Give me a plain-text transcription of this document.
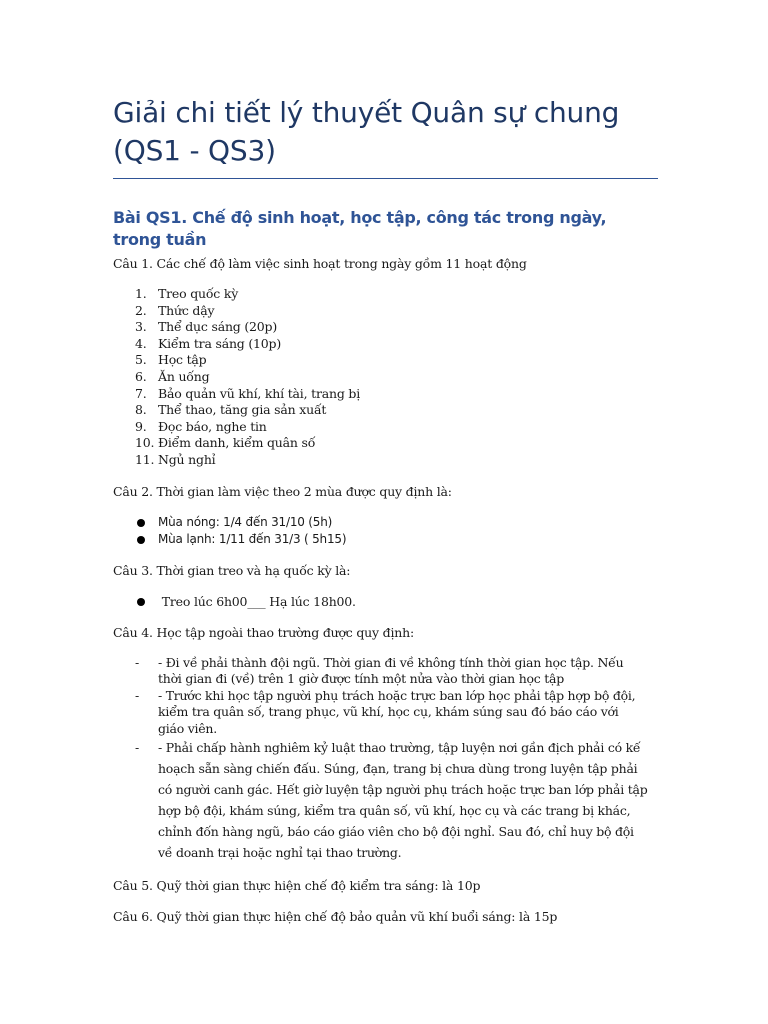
Giải chi tiết lý thuyết Quân sự chung
(QS1 - QS3)
Bài QS1. Chế độ sinh hoạt, học tập, công tác trong ngày, trong tuần

Câu 1. Các chế độ làm việc sinh hoạt trong ngày gồm 11 hoạt động

1. Treo quốc kỳ
2. Thức dậy
3. Thể dục sáng (20p)
4. Kiểm tra sáng (10p)
5. Học tập
6. Ăn uống
7. Bảo quản vũ khí, khí tài, trang bị
8. Thể thao, tăng gia sản xuất
9. Đọc báo, nghe tin
10. Điểm danh, kiểm quân số
11. Ngủ nghỉ

Câu 2. Thời gian làm việc theo 2 mùa được quy định là:

Mùa nóng: 1/4 đến 31/10 (5h)
Mùa lạnh: 1/11 đến 31/3 ( 5h15)

Câu 3. Thời gian treo và hạ quốc kỳ là:

Treo lúc 6h00___ Hạ lúc 18h00.

Câu 4. Học tập ngoài thao trường được quy định:

- - Đi về phải thành đội ngũ. Thời gian đi về không tính thời gian học tập. Nếu thời gian đi (về) trên 1 giờ được tính một nửa vào thời gian học tập
- - Trước khi học tập người phụ trách hoặc trực ban lớp học phải tập hợp bộ đội, kiểm tra quân số, trang phục, vũ khí, học cụ, khám súng sau đó báo cáo với giáo viên.
- - Phải chấp hành nghiêm kỷ luật thao trường, tập luyện nơi gần địch phải có kế hoạch sẵn sàng chiến đấu. Súng, đạn, trang bị chưa dùng trong luyện tập phải có người canh gác. Hết giờ luyện tập người phụ trách hoặc trực ban lớp phải tập hợp bộ đội, khám súng, kiểm tra quân số, vũ khí, học cụ và các trang bị khác, chỉnh đốn hàng ngũ, báo cáo giáo viên cho bộ đội nghỉ. Sau đó, chỉ huy bộ đội về doanh trại hoặc nghỉ tại thao trường.

Câu 5. Quỹ thời gian thực hiện chế độ kiểm tra sáng: là 10p

Câu 6. Quỹ thời gian thực hiện chế độ bảo quản vũ khí buổi sáng: là 15p
